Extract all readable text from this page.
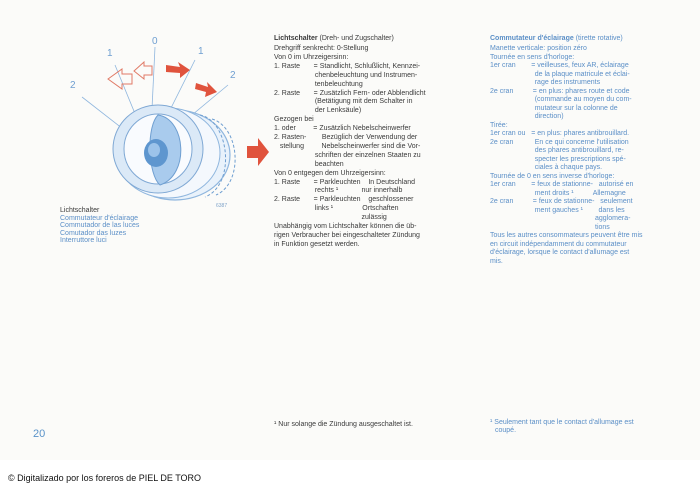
2
1
0
1
2
6387
Lichtschalter
Commutateur d'éclairage
Commutador de las luces
Comutador das luzes
Interruttore luci
Lichtschalter (Dreh- und Zugschalter)
Drehgriff senkrecht: 0-Stellung
Von 0 im Uhrzeigersinn:
1. Raste       = Standlicht, Schlußlicht, Kennzei-
chenbeleuchtung und Instrumen-
tenbeleuchtung
2. Raste       = Zusätzlich Fern- oder Abblendlicht
(Betätigung mit dem Schalter in
der Lenksäule)
Gezogen bei
1. oder         = Zusätzlich Nebelscheinwerfer
2. Rasten-        Bezüglich der Verwendung der
stellung         Nebelscheinwerfer sind die Vor-
schriften der einzelnen Staaten zu
beachten
Von 0 entgegen dem Uhrzeigersinn:
1. Raste       = Parkleuchten    In Deutschland
rechts ¹            nur innerhalb
2. Raste       = Parkleuchten    geschlossener
links ¹               Ortschaften
zulässig
Unabhängig vom Lichtschalter können die üb-
rigen Verbraucher bei eingeschalteter Zündung
in Funktion gesetzt werden.
¹ Nur solange die Zündung ausgeschaltet ist.
Commutateur d'éclairage (tirette rotative)
Manette verticale: position zéro
Tournée en sens d'horloge:
1er cran        = veilleuses, feux AR, éclairage
de la plaque matricule et éclai-
rage des instruments
2e cran          = en plus: phares route et code
(commande au moyen du com-
mutateur sur la colonne de
direction)
Tirée:
1er cran ou   = en plus: phares antibrouillard.
2e cran           En ce qui concerne l'utilisation
des phares antibrouillard, re-
specter les prescriptions spé-
ciales à chaque pays.
Tournée de 0 en sens inverse d'horloge:
1er cran        = feux de stationne-   autorisé en
ment droits ¹          Allemagne
2e cran          = feux de stationne-   seulement
ment gauches ¹        dans les
agglomera-
tions
Tous les autres consommateurs peuvent être mis
en circuit indépendamment du commutateur
d'éclairage, lorsque le contact d'allumage est
mis.
¹ Seulement tant que le contact d'allumage est
coupé.
20
© Digitalizado por los foreros de PIEL DE TORO
